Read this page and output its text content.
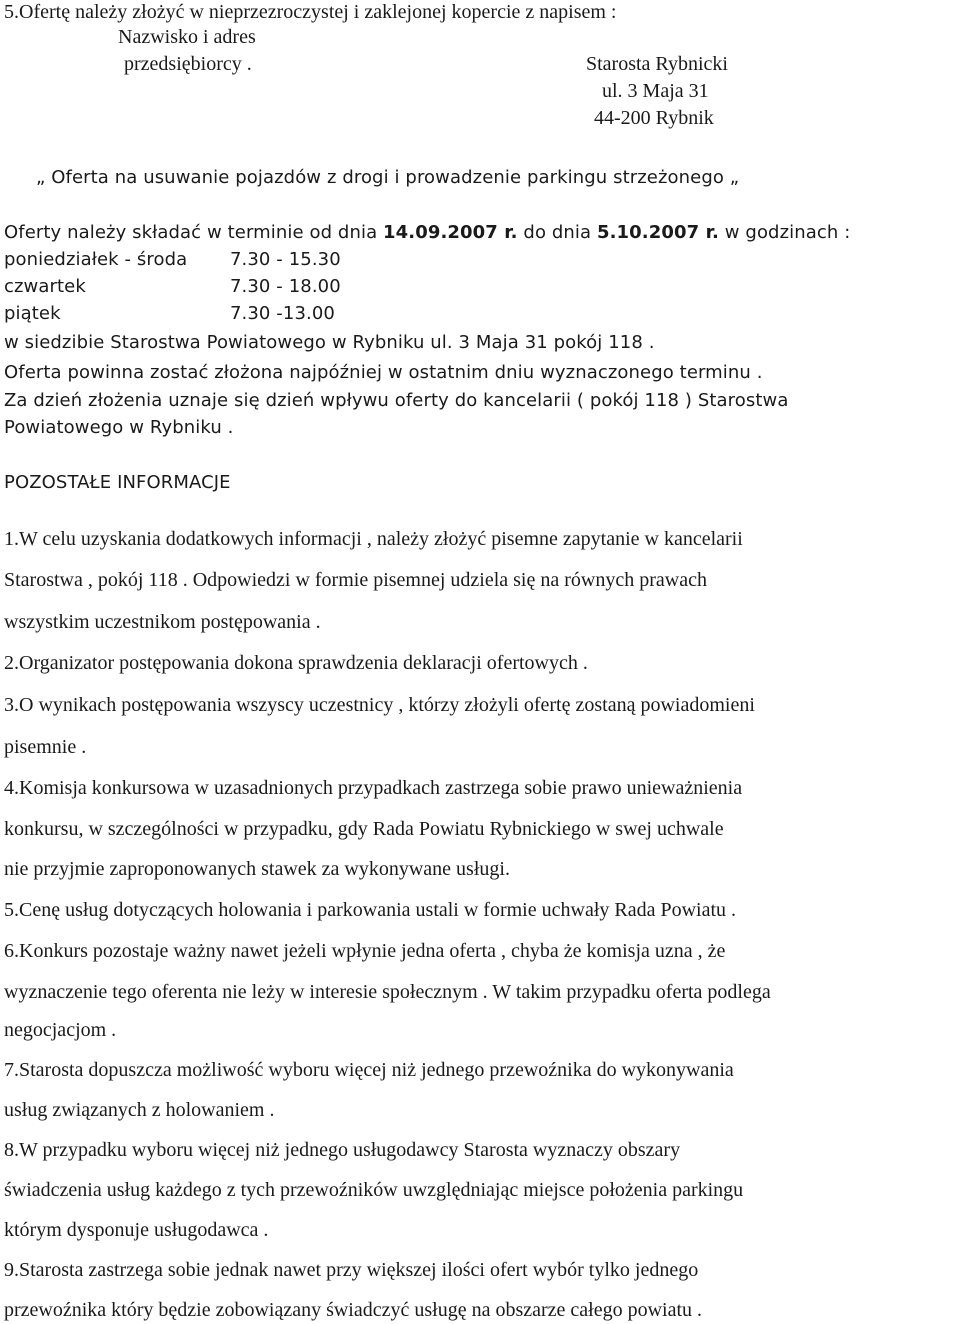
5.Ofertę należy złożyć w nieprzezroczystej i zaklejonej kopercie z napisem :

Nazwisko i adres

przedsiębiorcy .	Starosta Rybnicki

ul. 3 Maja 31

44-200 Rybnik

„ Oferta na usuwanie pojazdów z drogi i prowadzenie parkingu strzeżonego „

Oferty należy składać w terminie od dnia 14.09.2007 r. do dnia 5.10.2007 r. w godzinach :

poniedziałek - środa 7.30 - 15.30

czwartek	7.30 - 18.00

piątek	7.30 -13.00

w siedzibie Starostwa Powiatowego w Rybniku ul. 3 Maja 31 pokój 118 .

Oferta powinna zostać złożona najpóźniej w ostatnim dniu wyznaczonego terminu .

Za dzień złożenia uznaje się dzień wpływu oferty do kancelarii ( pokój 118 ) Starostwa

Powiatowego w Rybniku .

POZOSTAŁE INFORMACJE

1.W celu uzyskania dodatkowych informacji , należy złożyć pisemne zapytanie w kancelarii

Starostwa , pokój 118 . Odpowiedzi w formie pisemnej udziela się na równych prawach

wszystkim uczestnikom postępowania .

2.Organizator postępowania dokona sprawdzenia deklaracji ofertowych .

3.O wynikach postępowania wszyscy uczestnicy , którzy złożyli ofertę zostaną powiadomieni

pisemnie .

4.Komisja konkursowa w uzasadnionych przypadkach zastrzega sobie prawo unieważnienia

konkursu, w szczególności w przypadku, gdy Rada Powiatu Rybnickiego w swej uchwale

nie przyjmie zaproponowanych stawek za wykonywane usługi.

5.Cenę usług dotyczących holowania i parkowania ustali w formie uchwały Rada Powiatu .

6.Konkurs pozostaje ważny nawet jeżeli wpłynie jedna oferta , chyba że komisja uzna , że

wyznaczenie tego oferenta nie leży w interesie społecznym . W takim przypadku oferta podlega

negocjacjom .

7.Starosta dopuszcza możliwość wyboru więcej niż jednego przewoźnika do wykonywania

usług związanych z holowaniem .

8.W przypadku wyboru więcej niż jednego usługodawcy Starosta wyznaczy obszary

świadczenia usług każdego z tych przewoźników uwzględniając miejsce położenia parkingu

którym dysponuje usługodawca .

9.Starosta zastrzega sobie jednak nawet przy większej ilości ofert wybór tylko jednego

przewoźnika który będzie zobowiązany świadczyć usługę na obszarze całego powiatu .
